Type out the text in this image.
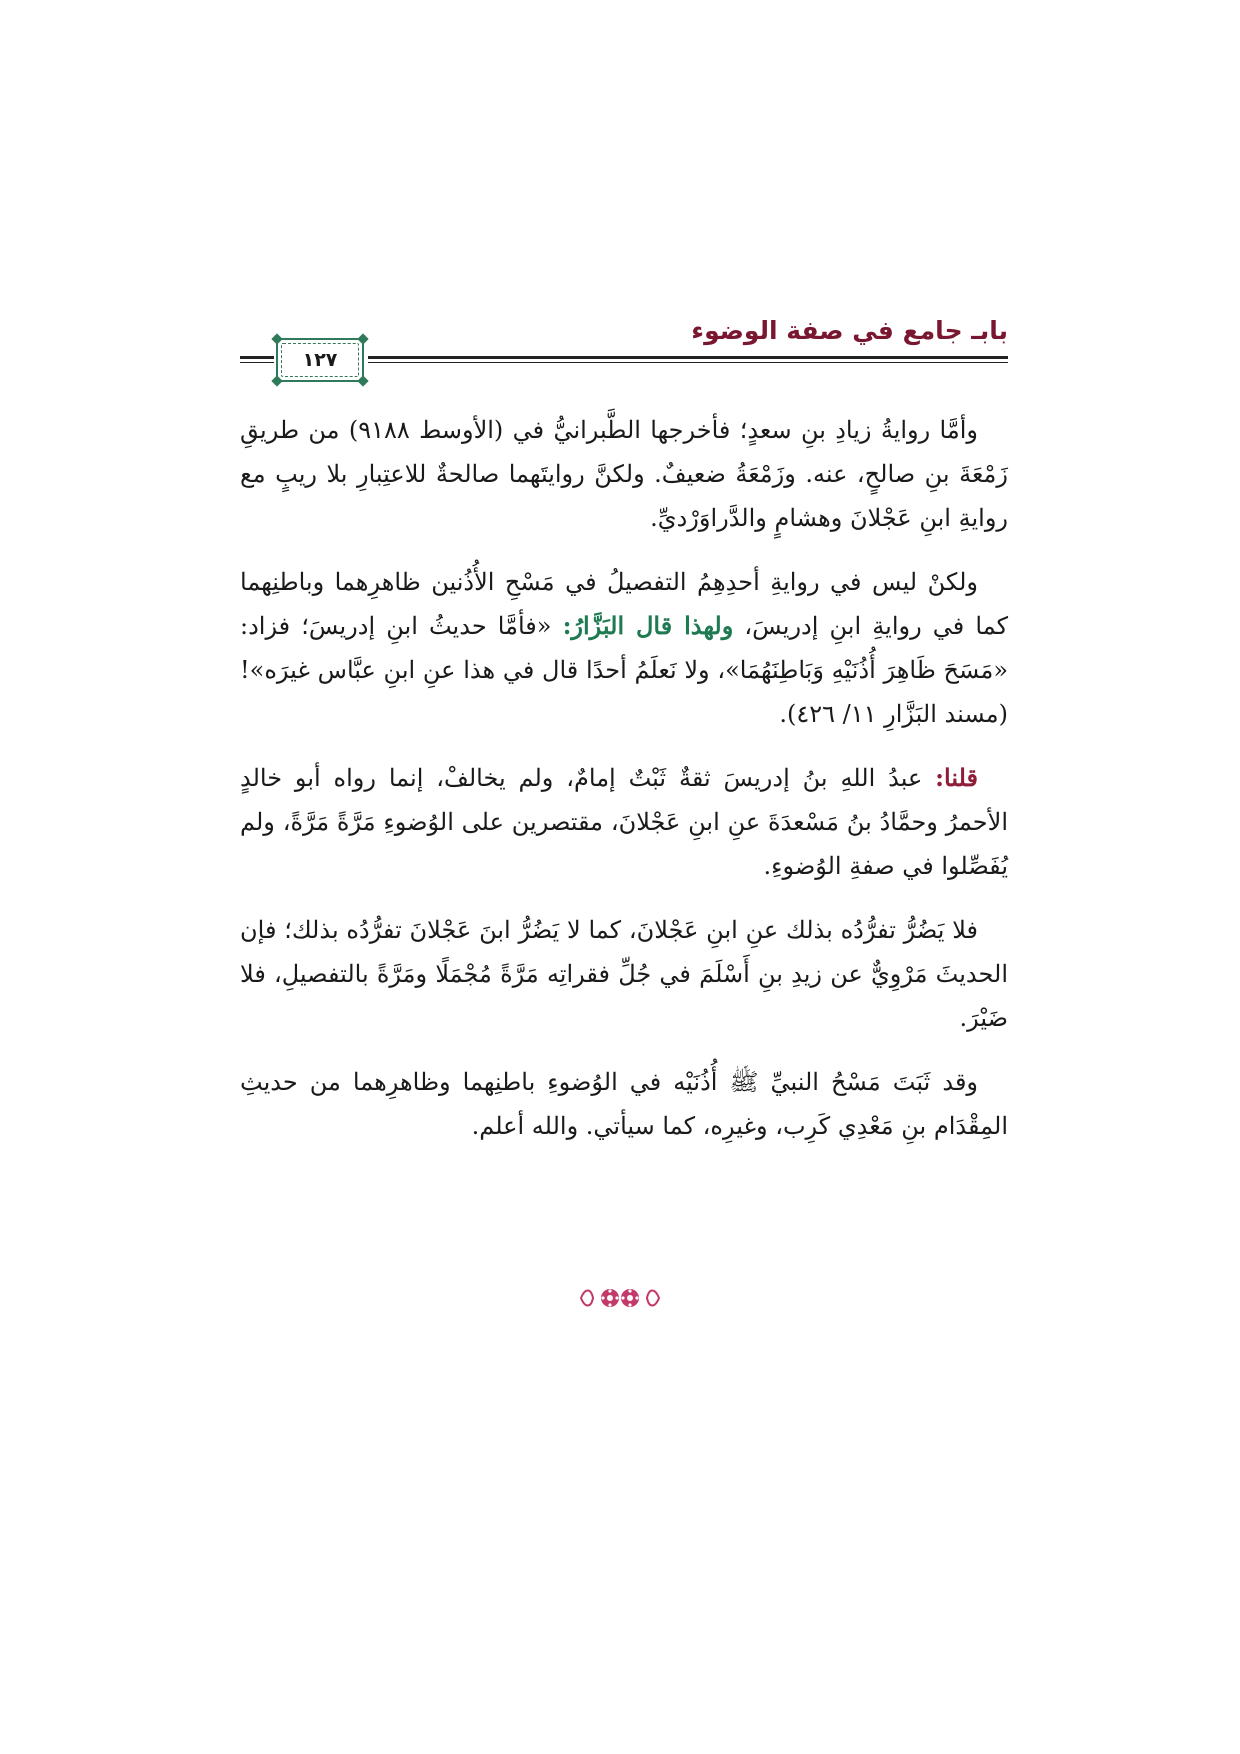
بابـ جامع في صفة الوضوء
١٢٧

وأمَّا روايةُ زيادِ بنِ سعدٍ؛ فأخرجها الطَّبرانيُّ في (الأوسط ٩١٨٨) من طريقِ زَمْعَةَ بنِ صالحٍ، عنه. وزَمْعَةُ ضعيفٌ. ولكنَّ روايتَهما صالحةٌ للاعتِبارِ بلا ريبٍ مع روايةِ ابنِ عَجْلانَ وهشامٍ والدَّراوَرْديِّ.

ولكنْ ليس في روايةِ أحدِهِمُ التفصيلُ في مَسْحِ الأُذُنين ظاهرِهما وباطنِهما كما في روايةِ ابنِ إدريسَ، ولهذا قال البَزَّارُ: «فأمَّا حديثُ ابنِ إدريسَ؛ فزاد: «مَسَحَ ظَاهِرَ أُذُنَيْهِ وَبَاطِنَهُمَا»، ولا نَعلَمُ أحدًا قال في هذا عنِ ابنِ عبَّاس غيرَه»! (مسند البَزَّارِ ١١/ ٤٢٦).

قلنا: عبدُ اللهِ بنُ إدريسَ ثقةٌ ثَبْتٌ إمامٌ، ولم يخالفْ، إنما رواه أبو خالدٍ الأحمرُ وحمَّادُ بنُ مَسْعدَةَ عنِ ابنِ عَجْلانَ، مقتصرين على الوُضوءِ مَرَّةً مَرَّةً، ولم يُفَصِّلوا في صفةِ الوُضوءِ.

فلا يَضُرُّ تفرُّدُه بذلك عنِ ابنِ عَجْلانَ، كما لا يَضُرُّ ابنَ عَجْلانَ تفرُّدُه بذلك؛ فإن الحديثَ مَرْوِيٌّ عن زيدِ بنِ أَسْلَمَ في جُلِّ فقراتِه مَرَّةً مُجْمَلًا ومَرَّةً بالتفصيلِ، فلا ضَيْرَ.

وقد ثَبَتَ مَسْحُ النبيِّ ﷺ أُذُنَيْه في الوُضوءِ باطنِهما وظاهرِهما من حديثِ المِقْدَام بنِ مَعْدِي كَرِب، وغيرِه، كما سيأتي. والله أعلم.
